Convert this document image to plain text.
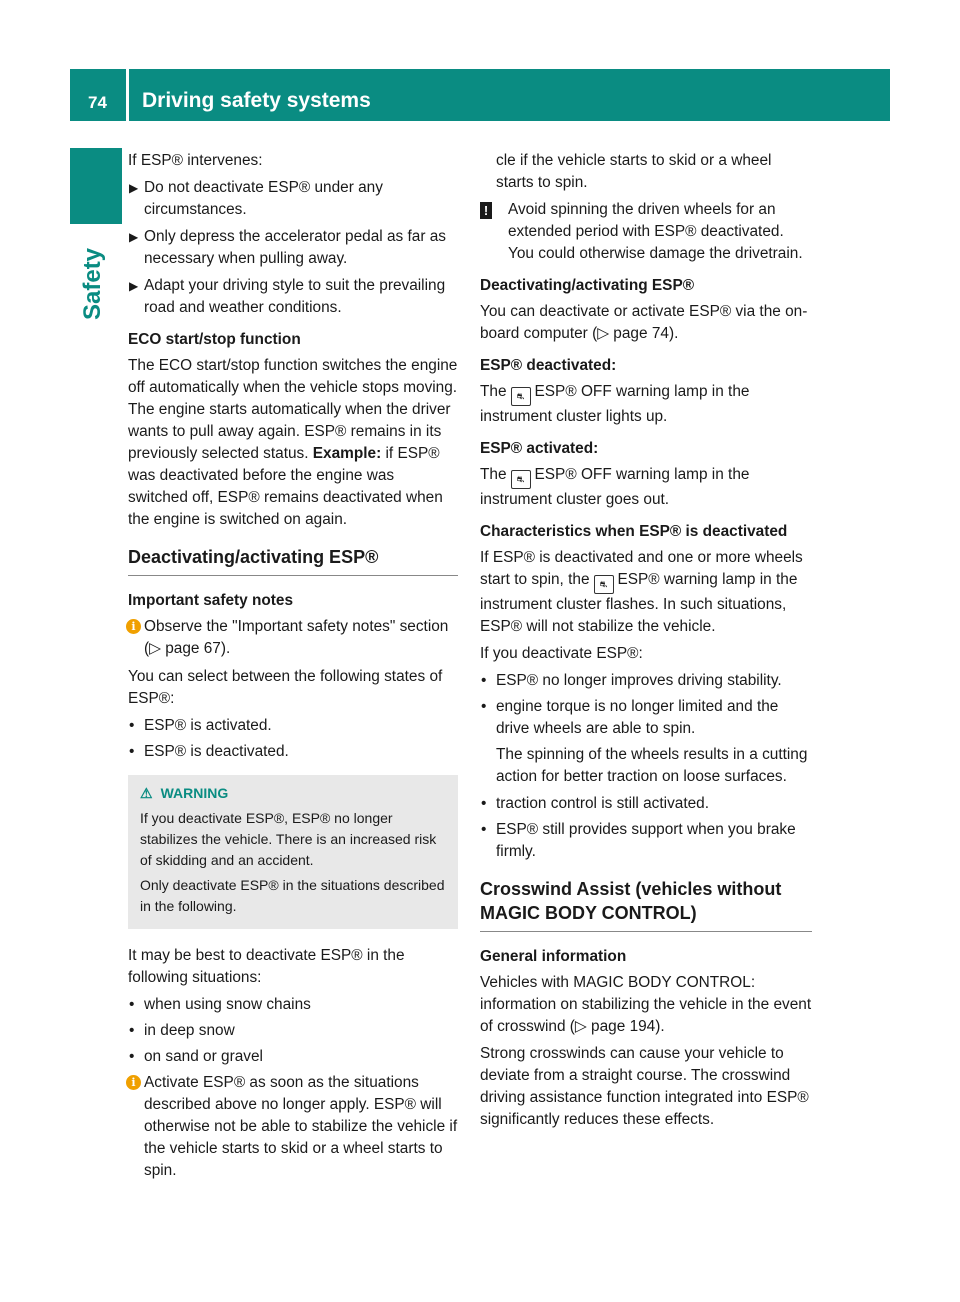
74 Driving safety systems
Safety

If ESP® intervenes:

▶ Do not deactivate ESP® under any circumstances.
▶ Only depress the accelerator pedal as far as necessary when pulling away.
▶ Adapt your driving style to suit the prevailing road and weather conditions.
ECO start/stop function

The ECO start/stop function switches the engine off automatically when the vehicle stops moving. The engine starts automatically when the driver wants to pull away again. ESP® remains in its previously selected status. Example: if ESP® was deactivated before the engine was switched off, ESP® remains deactivated when the engine is switched on again.

Deactivating/activating ESP®
Important safety notes
i Observe the "Important safety notes" section (▷ page 67).

You can select between the following states of ESP®:

• ESP® is activated.
• ESP® is deactivated.
⚠ WARNING

If you deactivate ESP®, ESP® no longer stabilizes the vehicle. There is an increased risk of skidding and an accident.

Only deactivate ESP® in the situations described in the following.

It may be best to deactivate ESP® in the following situations:

• when using snow chains
• in deep snow
• on sand or gravel
i Activate ESP® as soon as the situations described above no longer apply. ESP® will otherwise not be able to stabilize the vehicle if the vehicle starts to skid or a wheel starts to spin.

cle if the vehicle starts to skid or a wheel starts to spin.

! Avoid spinning the driven wheels for an extended period with ESP® deactivated. You could otherwise damage the drivetrain.
Deactivating/activating ESP®

You can deactivate or activate ESP® via the on-board computer (▷ page 74).

ESP® deactivated:

The ⛐ ESP® OFF warning lamp in the instrument cluster lights up.

ESP® activated:

The ⛐ ESP® OFF warning lamp in the instrument cluster goes out.

Characteristics when ESP® is deactivated

If ESP® is deactivated and one or more wheels start to spin, the ⛐ ESP® warning lamp in the instrument cluster flashes. In such situations, ESP® will not stabilize the vehicle.

If you deactivate ESP®:

• ESP® no longer improves driving stability.
• engine torque is no longer limited and the drive wheels are able to spin.

The spinning of the wheels results in a cutting action for better traction on loose surfaces.

• traction control is still activated.
• ESP® still provides support when you brake firmly.
Crosswind Assist (vehicles without MAGIC BODY CONTROL)
General information

Vehicles with MAGIC BODY CONTROL: information on stabilizing the vehicle in the event of crosswind (▷ page 194).

Strong crosswinds can cause your vehicle to deviate from a straight course. The crosswind driving assistance function integrated into ESP® significantly reduces these effects.
